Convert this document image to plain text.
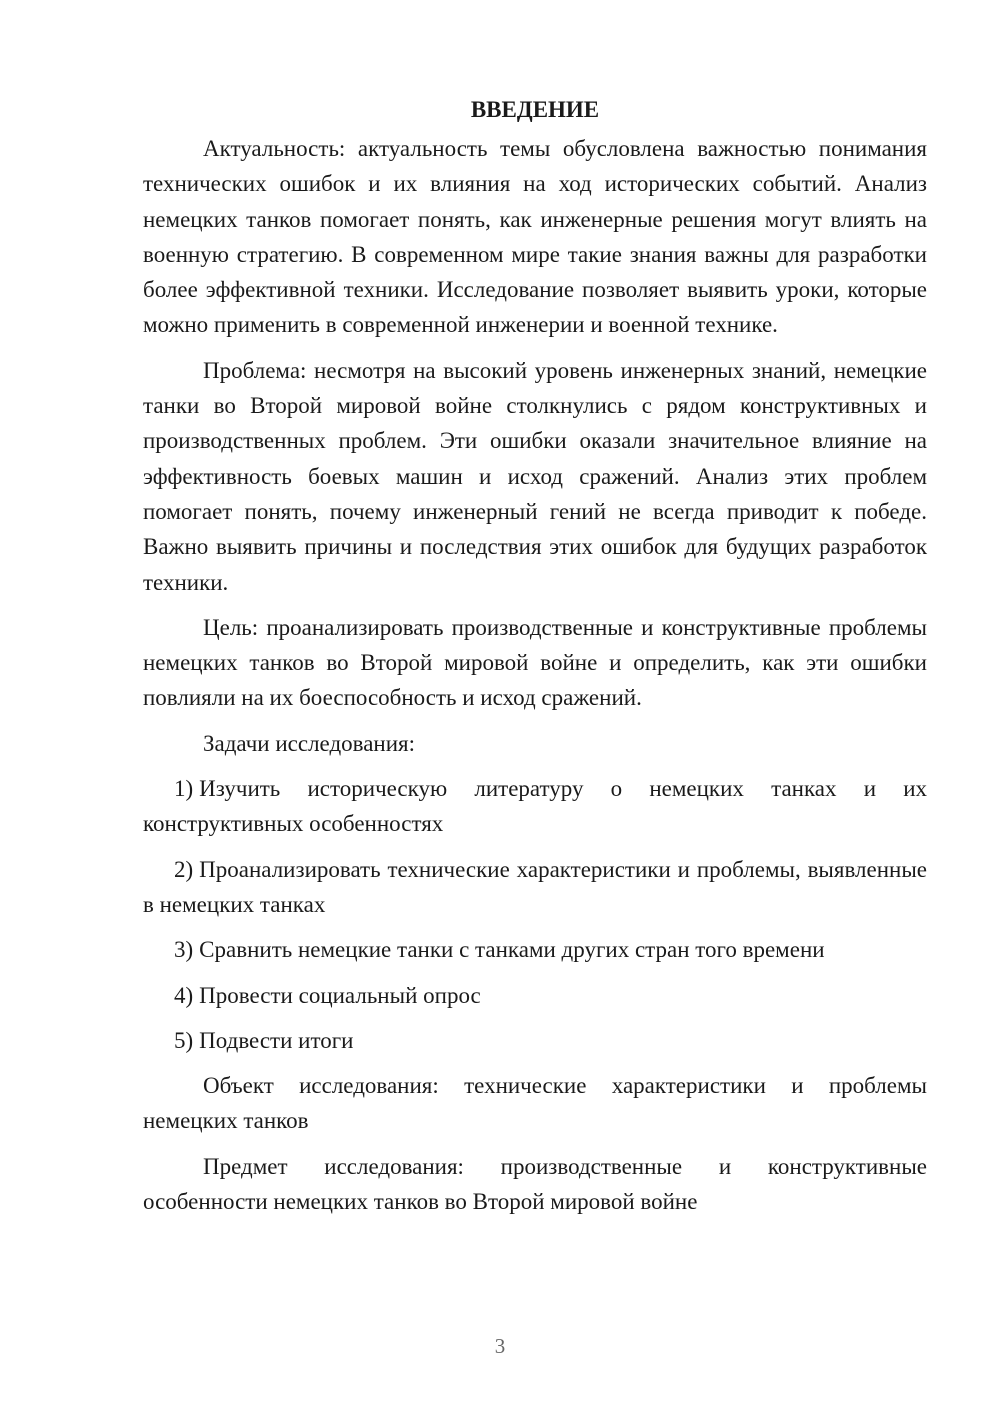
ВВЕДЕНИЕ

Актуальность: актуальность темы обусловлена важностью понимания технических ошибок и их влияния на ход исторических событий. Анализ немецких танков помогает понять, как инженерные решения могут влиять на военную стратегию. В современном мире такие знания важны для разработки более эффективной техники. Исследование позволяет выявить уроки, которые можно применить в современной инженерии и военной технике.

Проблема: несмотря на высокий уровень инженерных знаний, немецкие танки во Второй мировой войне столкнулись с рядом конструктивных и производственных проблем. Эти ошибки оказали значительное влияние на эффективность боевых машин и исход сражений. Анализ этих проблем помогает понять, почему инженерный гений не всегда приводит к победе. Важно выявить причины и последствия этих ошибок для будущих разработок техники.

Цель: проанализировать производственные и конструктивные проблемы немецких танков во Второй мировой войне и определить, как эти ошибки повлияли на их боеспособность и исход сражений.

Задачи исследования:

1) Изучить историческую литературу о немецких танках и их конструктивных особенностях

2) Проанализировать технические характеристики и проблемы, выявленные в немецких танках

3) Сравнить немецкие танки с танками других стран того времени

4) Провести социальный опрос

5) Подвести итоги

Объект исследования: технические характеристики и проблемы немецких танков

Предмет исследования: производственные и конструктивные особенности немецких танков во Второй мировой войне

3
